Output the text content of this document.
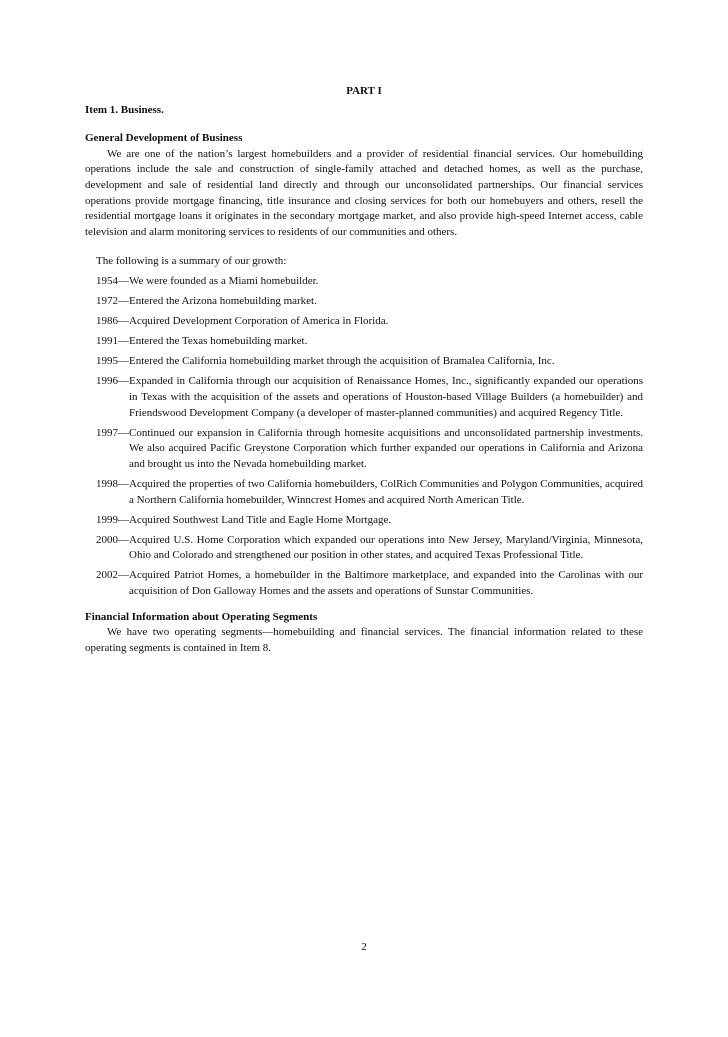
PART I
Item 1. Business.
General Development of Business

We are one of the nation’s largest homebuilders and a provider of residential financial services. Our homebuilding operations include the sale and construction of single-family attached and detached homes, as well as the purchase, development and sale of residential land directly and through our unconsolidated partnerships. Our financial services operations provide mortgage financing, title insurance and closing services for both our homebuyers and others, resell the residential mortgage loans it originates in the secondary mortgage market, and also provide high-speed Internet access, cable television and alarm monitoring services to residents of our communities and others.

The following is a summary of our growth:
1954— We were founded as a Miami homebuilder.
1972— Entered the Arizona homebuilding market.
1986— Acquired Development Corporation of America in Florida.
1991— Entered the Texas homebuilding market.
1995— Entered the California homebuilding market through the acquisition of Bramalea California, Inc.
1996— Expanded in California through our acquisition of Renaissance Homes, Inc., significantly expanded our operations in Texas with the acquisition of the assets and operations of Houston-based Village Builders (a homebuilder) and Friendswood Development Company (a developer of master-planned communities) and acquired Regency Title.
1997— Continued our expansion in California through homesite acquisitions and unconsolidated partnership investments. We also acquired Pacific Greystone Corporation which further expanded our operations in California and Arizona and brought us into the Nevada homebuilding market.
1998— Acquired the properties of two California homebuilders, ColRich Communities and Polygon Communities, acquired a Northern California homebuilder, Winncrest Homes and acquired North American Title.
1999— Acquired Southwest Land Title and Eagle Home Mortgage.
2000— Acquired U.S. Home Corporation which expanded our operations into New Jersey, Maryland/Virginia, Minnesota, Ohio and Colorado and strengthened our position in other states, and acquired Texas Professional Title.
2002— Acquired Patriot Homes, a homebuilder in the Baltimore marketplace, and expanded into the Carolinas with our acquisition of Don Galloway Homes and the assets and operations of Sunstar Communities.
Financial Information about Operating Segments

We have two operating segments—homebuilding and financial services. The financial information related to these operating segments is contained in Item 8.

2
